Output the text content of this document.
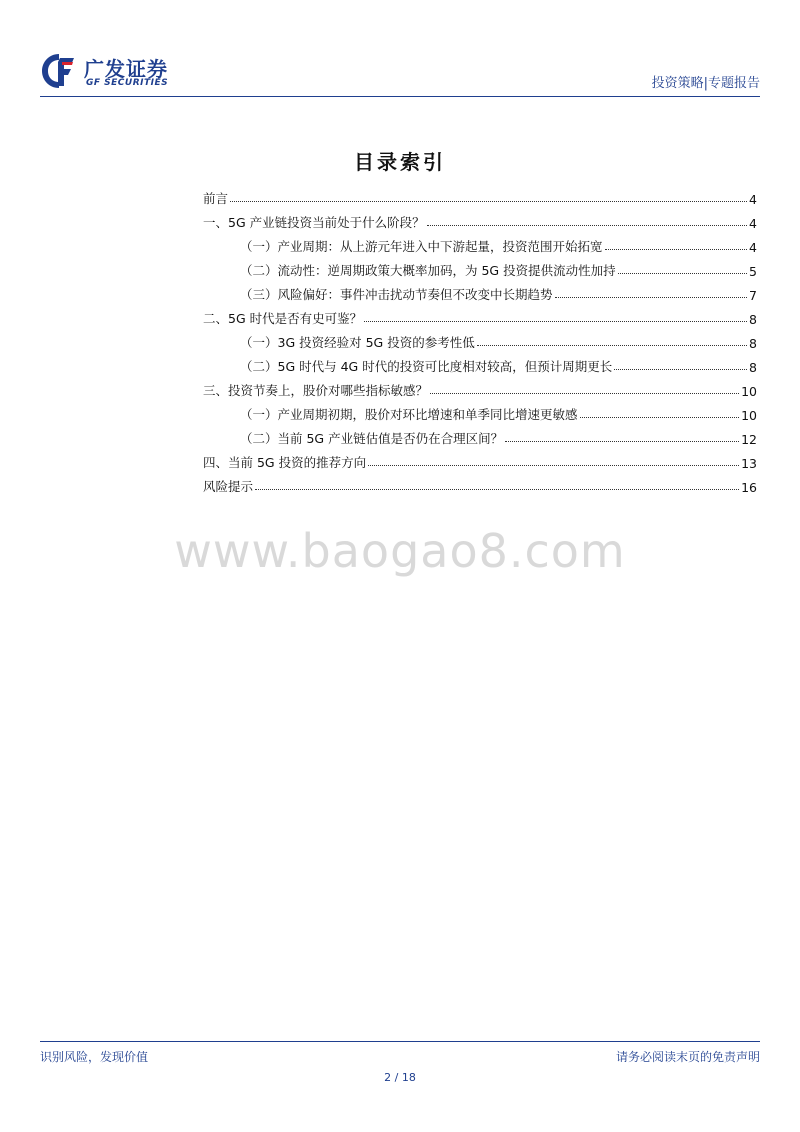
广发证券
GF SECURITIES	投资策略|专题报告
目录索引
前言	4
一、5G 产业链投资当前处于什么阶段？	4
（一）产业周期：从上游元年进入中下游起量，投资范围开始拓宽	4
（二）流动性：逆周期政策大概率加码，为 5G 投资提供流动性加持	5
（三）风险偏好：事件冲击扰动节奏但不改变中长期趋势	7
二、5G 时代是否有史可鉴？	8
（一）3G 投资经验对 5G 投资的参考性低	8
（二）5G 时代与 4G 时代的投资可比度相对较高，但预计周期更长	8
三、投资节奏上，股价对哪些指标敏感？	10
（一）产业周期初期，股价对环比增速和单季同比增速更敏感	10
（二）当前 5G 产业链估值是否仍在合理区间？	12
四、当前 5G 投资的推荐方向	13
风险提示	16
www.baogao8.com
识别风险，发现价值	请务必阅读末页的免责声明
2 / 18
